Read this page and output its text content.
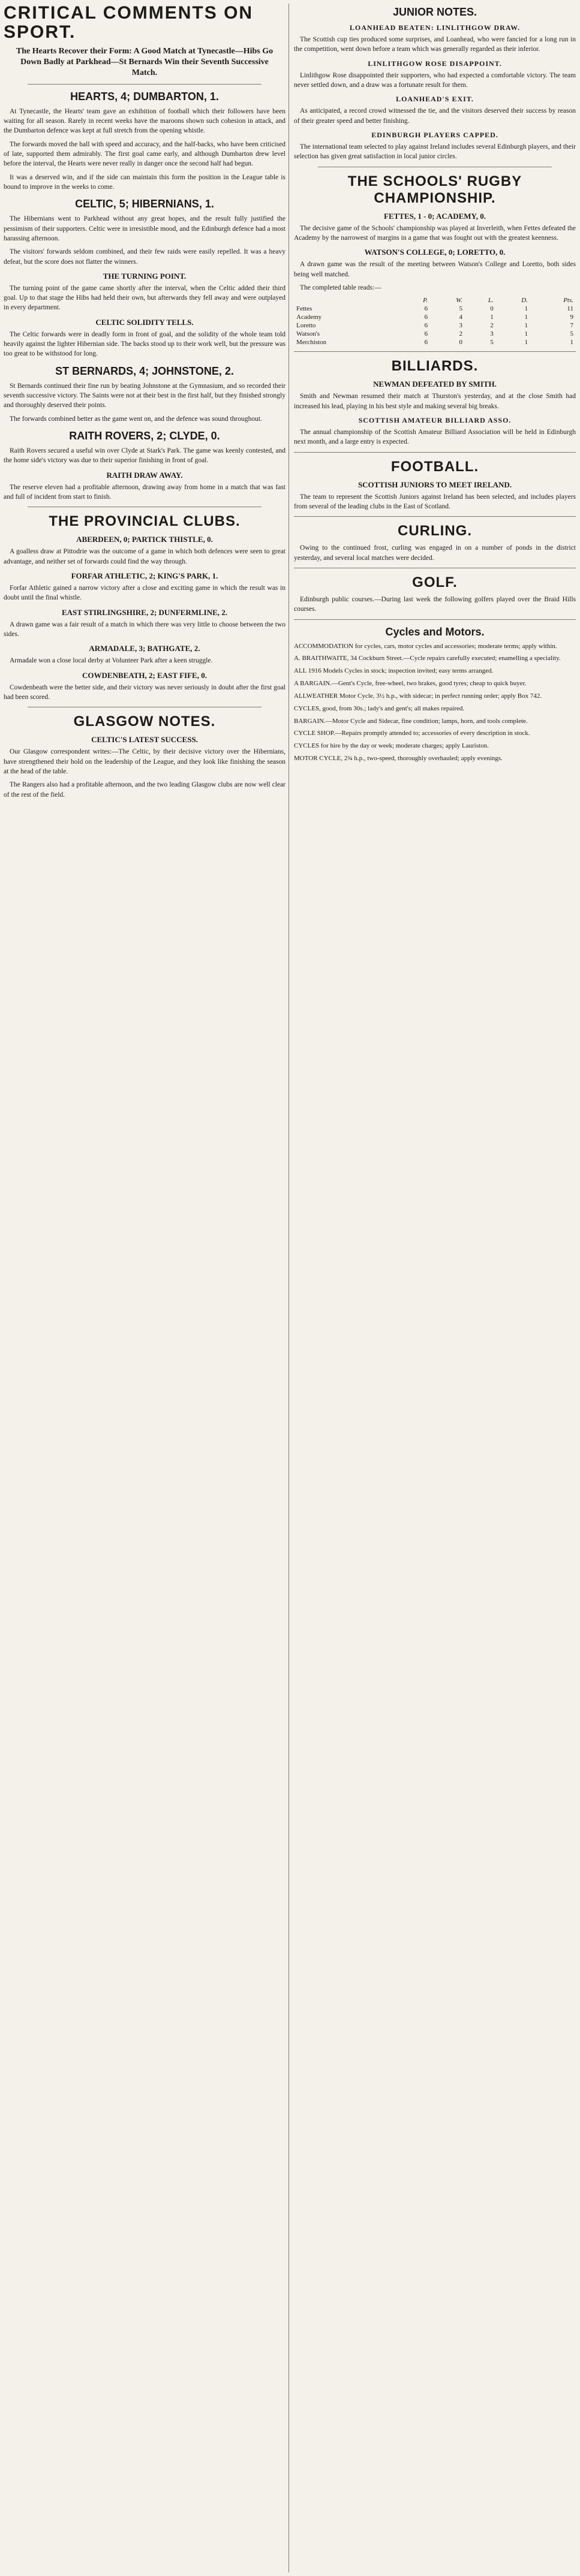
CRITICAL COMMENTS ON SPORT.
The Hearts Recover their Form: A Good Match at Tynecastle—Hibs Go Down Badly at Parkhead—St Bernards Win their Seventh Successive Match.
HEARTS, 4; DUMBARTON, 1.

At Tynecastle, the Hearts' team gave an exhibition of football which their followers have been waiting for all season. Rarely in recent weeks have the maroons shown such cohesion in attack, and the Dumbarton defence was kept at full stretch from the opening whistle.

The forwards moved the ball with speed and accuracy, and the half-backs, who have been criticised of late, supported them admirably. The first goal came early, and although Dumbarton drew level before the interval, the Hearts were never really in danger once the second half had begun.

It was a deserved win, and if the side can maintain this form the position in the League table is bound to improve in the weeks to come.

CELTIC, 5; HIBERNIANS, 1.

The Hibernians went to Parkhead without any great hopes, and the result fully justified the pessimism of their supporters. Celtic were in irresistible mood, and the Edinburgh defence had a most harassing afternoon.

The visitors' forwards seldom combined, and their few raids were easily repelled. It was a heavy defeat, but the score does not flatter the winners.

THE TURNING POINT.

The turning point of the game came shortly after the interval, when the Celtic added their third goal. Up to that stage the Hibs had held their own, but afterwards they fell away and were outplayed in every department.

CELTIC SOLIDITY TELLS.

The Celtic forwards were in deadly form in front of goal, and the solidity of the whole team told heavily against the lighter Hibernian side. The backs stood up to their work well, but the pressure was too great to be withstood for long.

ST BERNARDS, 4; JOHNSTONE, 2.

St Bernards continued their fine run by beating Johnstone at the Gymnasium, and so recorded their seventh successive victory. The Saints were not at their best in the first half, but they finished strongly and thoroughly deserved their points.

The forwards combined better as the game went on, and the defence was sound throughout.

RAITH ROVERS, 2; CLYDE, 0.

Raith Rovers secured a useful win over Clyde at Stark's Park. The game was keenly contested, and the home side's victory was due to their superior finishing in front of goal.

RAITH DRAW AWAY.

The reserve eleven had a profitable afternoon, drawing away from home in a match that was fast and full of incident from start to finish.

THE PROVINCIAL CLUBS.
ABERDEEN, 0; PARTICK THISTLE, 0.

A goalless draw at Pittodrie was the outcome of a game in which both defences were seen to great advantage, and neither set of forwards could find the way through.

FORFAR ATHLETIC, 2; KING'S PARK, 1.

Forfar Athletic gained a narrow victory after a close and exciting game in which the result was in doubt until the final whistle.

EAST STIRLINGSHIRE, 2; DUNFERMLINE, 2.

A drawn game was a fair result of a match in which there was very little to choose between the two sides.

ARMADALE, 3; BATHGATE, 2.

Armadale won a close local derby at Volunteer Park after a keen struggle.

COWDENBEATH, 2; EAST FIFE, 0.

Cowdenbeath were the better side, and their victory was never seriously in doubt after the first goal had been scored.

GLASGOW NOTES.
CELTIC'S LATEST SUCCESS.

Our Glasgow correspondent writes:—The Celtic, by their decisive victory over the Hibernians, have strengthened their hold on the leadership of the League, and they look like finishing the season at the head of the table.

The Rangers also had a profitable afternoon, and the two leading Glasgow clubs are now well clear of the rest of the field.

JUNIOR NOTES.
LOANHEAD BEATEN: LINLITHGOW DRAW.

The Scottish cup ties produced some surprises, and Loanhead, who were fancied for a long run in the competition, went down before a team which was generally regarded as their inferior.

LINLITHGOW ROSE DISAPPOINT.

Linlithgow Rose disappointed their supporters, who had expected a comfortable victory. The team never settled down, and a draw was a fortunate result for them.

LOANHEAD'S EXIT.

As anticipated, a record crowd witnessed the tie, and the visitors deserved their success by reason of their greater speed and better finishing.

EDINBURGH PLAYERS CAPPED.

The international team selected to play against Ireland includes several Edinburgh players, and their selection has given great satisfaction in local junior circles.

THE SCHOOLS' RUGBY CHAMPIONSHIP.
FETTES, 1 - 0; ACADEMY, 0.

The decisive game of the Schools' championship was played at Inverleith, when Fettes defeated the Academy by the narrowest of margins in a game that was fought out with the greatest keenness.

WATSON'S COLLEGE, 0; LORETTO, 0.

A drawn game was the result of the meeting between Watson's College and Loretto, both sides being well matched.

The completed table reads:—

	P.	W.	L.	D.	Pts.
Fettes	6	5	0	1	11
Academy	6	4	1	1	9
Loretto	6	3	2	1	7
Watson's	6	2	3	1	5
Merchiston	6	0	5	1	1
BILLIARDS.
NEWMAN DEFEATED BY SMITH.

Smith and Newman resumed their match at Thurston's yesterday, and at the close Smith had increased his lead, playing in his best style and making several big breaks.

SCOTTISH AMATEUR BILLIARD ASSO.

The annual championship of the Scottish Amateur Billiard Association will be held in Edinburgh next month, and a large entry is expected.

FOOTBALL.
SCOTTISH JUNIORS TO MEET IRELAND.

The team to represent the Scottish Juniors against Ireland has been selected, and includes players from several of the leading clubs in the East of Scotland.

CURLING.

Owing to the continued frost, curling was engaged in on a number of ponds in the district yesterday, and several local matches were decided.

GOLF.

Edinburgh public courses.—During last week the following golfers played over the Braid Hills courses.

Cycles and Motors.

ACCOMMODATION for cycles, cars, motor cycles and accessories; moderate terms; apply within.

A. BRAITHWAITE, 34 Cockburn Street.—Cycle repairs carefully executed; enamelling a speciality.

ALL 1916 Models Cycles in stock; inspection invited; easy terms arranged.

A BARGAIN.—Gent's Cycle, free-wheel, two brakes, good tyres; cheap to quick buyer.

ALLWEATHER Motor Cycle, 3½ h.p., with sidecar; in perfect running order; apply Box 742.

CYCLES, good, from 30s.; lady's and gent's; all makes repaired.

BARGAIN.—Motor Cycle and Sidecar, fine condition; lamps, horn, and tools complete.

CYCLE SHOP.—Repairs promptly attended to; accessories of every description in stock.

CYCLES for hire by the day or week; moderate charges; apply Lauriston.

MOTOR CYCLE, 2¾ h.p., two-speed, thoroughly overhauled; apply evenings.
